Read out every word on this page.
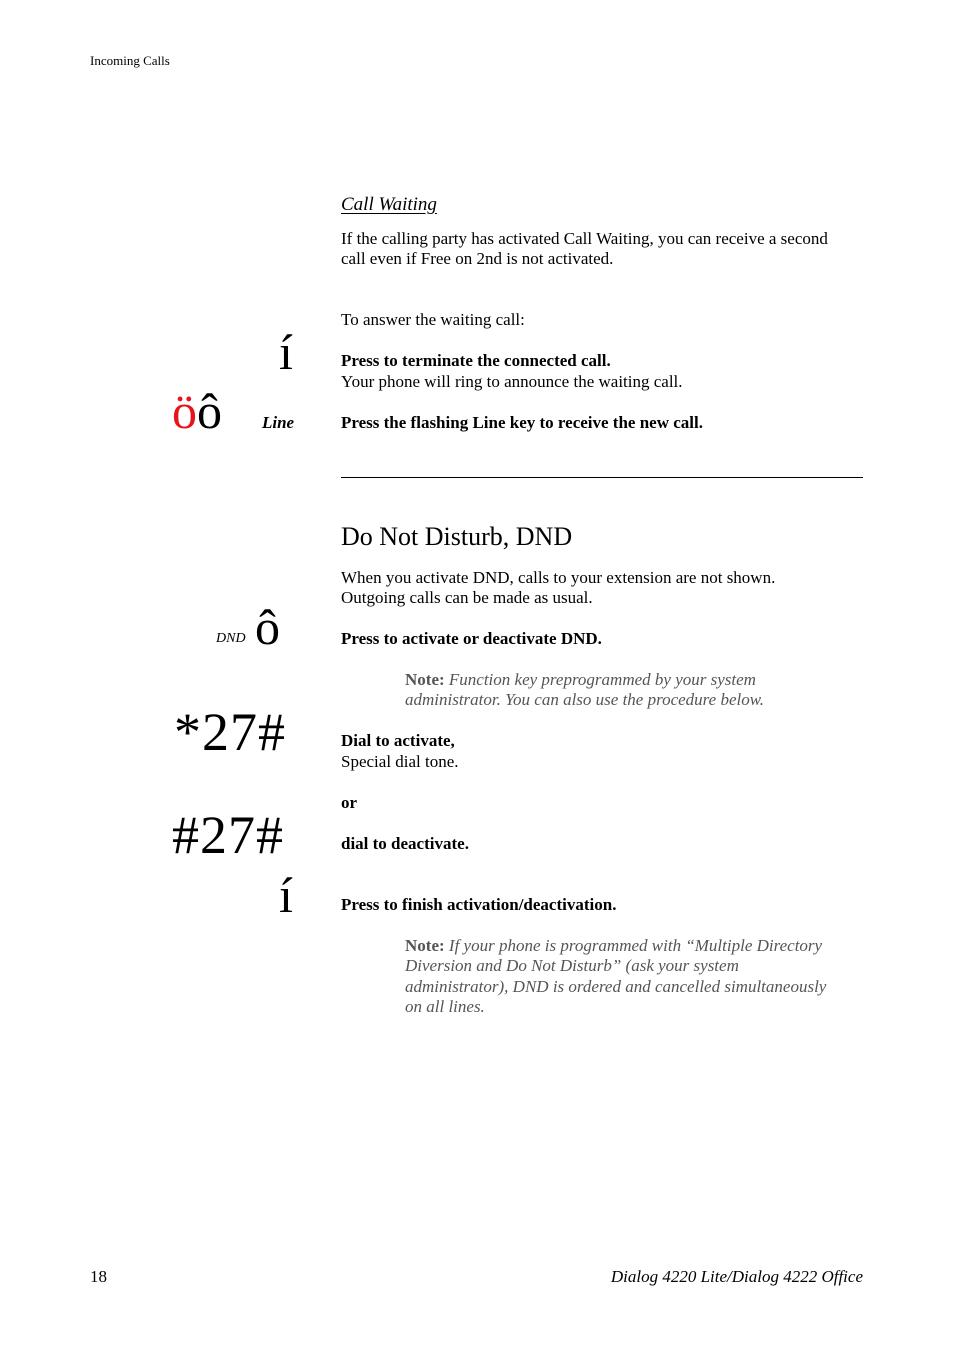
Incoming Calls
Call Waiting
If the calling party has activated Call Waiting, you can receive a second
call even if Free on 2nd is not activated.
To answer the waiting call:
í	Press to terminate the connected call.
Your phone will ring to announce the waiting call.
öô Line	Press the flashing Line key to receive the new call.
Do Not Disturb, DND
When you activate DND, calls to your extension are not shown.
Outgoing calls can be made as usual.
DND ô	Press to activate or deactivate DND.
Note: Function key preprogrammed by your system
administrator. You can also use the procedure below.
*27#	Dial to activate,
Special dial tone.
or
#27#	dial to deactivate.
í	Press to finish activation/deactivation.
Note: If your phone is programmed with “Multiple Directory
Diversion and Do Not Disturb” (ask your system
administrator), DND is ordered and cancelled simultaneously
on all lines.
18	Dialog 4220 Lite/Dialog 4222 Office
